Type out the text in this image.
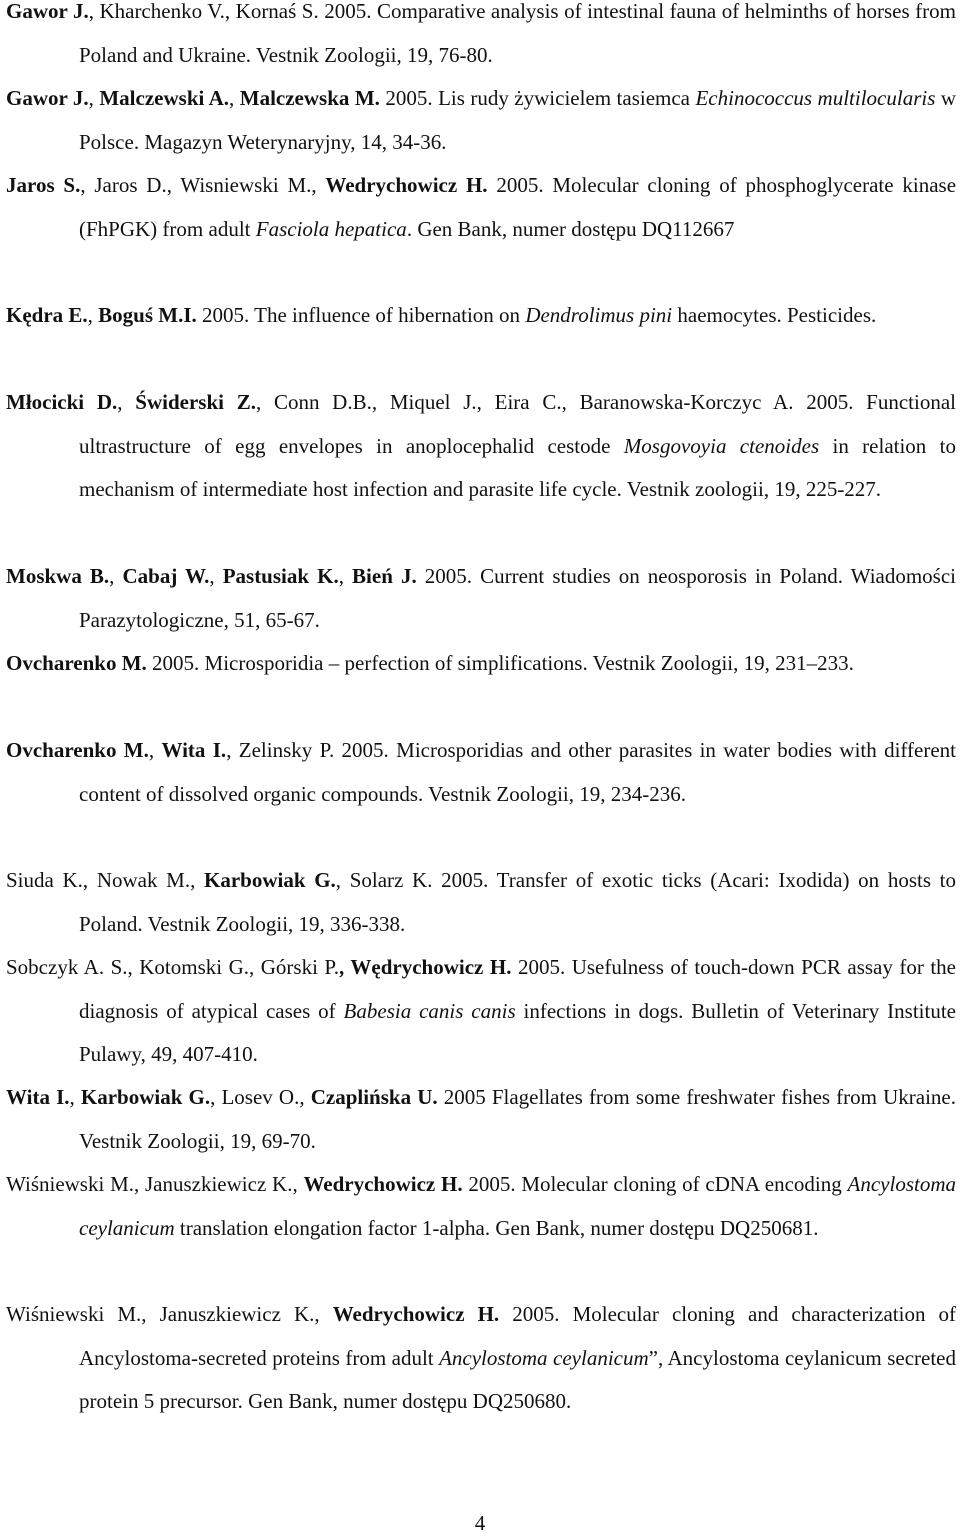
Gawor J., Kharchenko V., Kornaś S. 2005. Comparative analysis of intestinal fauna of helminths of horses from Poland and Ukraine. Vestnik Zoologii, 19, 76-80.
Gawor J., Malczewski A., Malczewska M. 2005. Lis rudy żywicielem tasiemca Echinococcus multilocularis w Polsce. Magazyn Weterynaryjny, 14, 34-36.
Jaros S., Jaros D., Wisniewski M., Wedrychowicz H. 2005. Molecular cloning of phosphoglycerate kinase (FhPGK) from adult Fasciola hepatica. Gen Bank, numer dostępu DQ112667
Kędra E., Boguś M.I. 2005. The influence of hibernation on Dendrolimus pini haemocytes. Pesticides.
Młocicki D., Świderski Z., Conn D.B., Miquel J., Eira C., Baranowska-Korczyc A. 2005. Functional ultrastructure of egg envelopes in anoplocephalid cestode Mosgovoyia ctenoides in relation to mechanism of intermediate host infection and parasite life cycle. Vestnik zoologii, 19, 225-227.
Moskwa B., Cabaj W., Pastusiak K., Bień J. 2005. Current studies on neosporosis in Poland. Wiadomości Parazytologiczne, 51, 65-67.
Ovcharenko M. 2005. Microsporidia – perfection of simplifications. Vestnik Zoologii, 19, 231–233.
Ovcharenko M., Wita I., Zelinsky P. 2005. Microsporidias and other parasites in water bodies with different content of dissolved organic compounds. Vestnik Zoologii, 19, 234-236.
Siuda K., Nowak M., Karbowiak G., Solarz K. 2005. Transfer of exotic ticks (Acari: Ixodida) on hosts to Poland. Vestnik Zoologii, 19, 336-338.
Sobczyk A. S., Kotomski G., Górski P., Wędrychowicz H. 2005. Usefulness of touch-down PCR assay for the diagnosis of atypical cases of Babesia canis canis infections in dogs. Bulletin of Veterinary Institute Pulawy, 49, 407-410.
Wita I., Karbowiak G., Losev O., Czaplińska U. 2005 Flagellates from some freshwater fishes from Ukraine. Vestnik Zoologii, 19, 69-70.
Wiśniewski M., Januszkiewicz K., Wedrychowicz H. 2005. Molecular cloning of cDNA encoding Ancylostoma ceylanicum translation elongation factor 1-alpha. Gen Bank, numer dostępu DQ250681.
Wiśniewski M., Januszkiewicz K., Wedrychowicz H. 2005. Molecular cloning and characterization of Ancylostoma-secreted proteins from adult Ancylostoma ceylanicum”, Ancylostoma ceylanicum secreted protein 5 precursor. Gen Bank, numer dostępu DQ250680.
4
